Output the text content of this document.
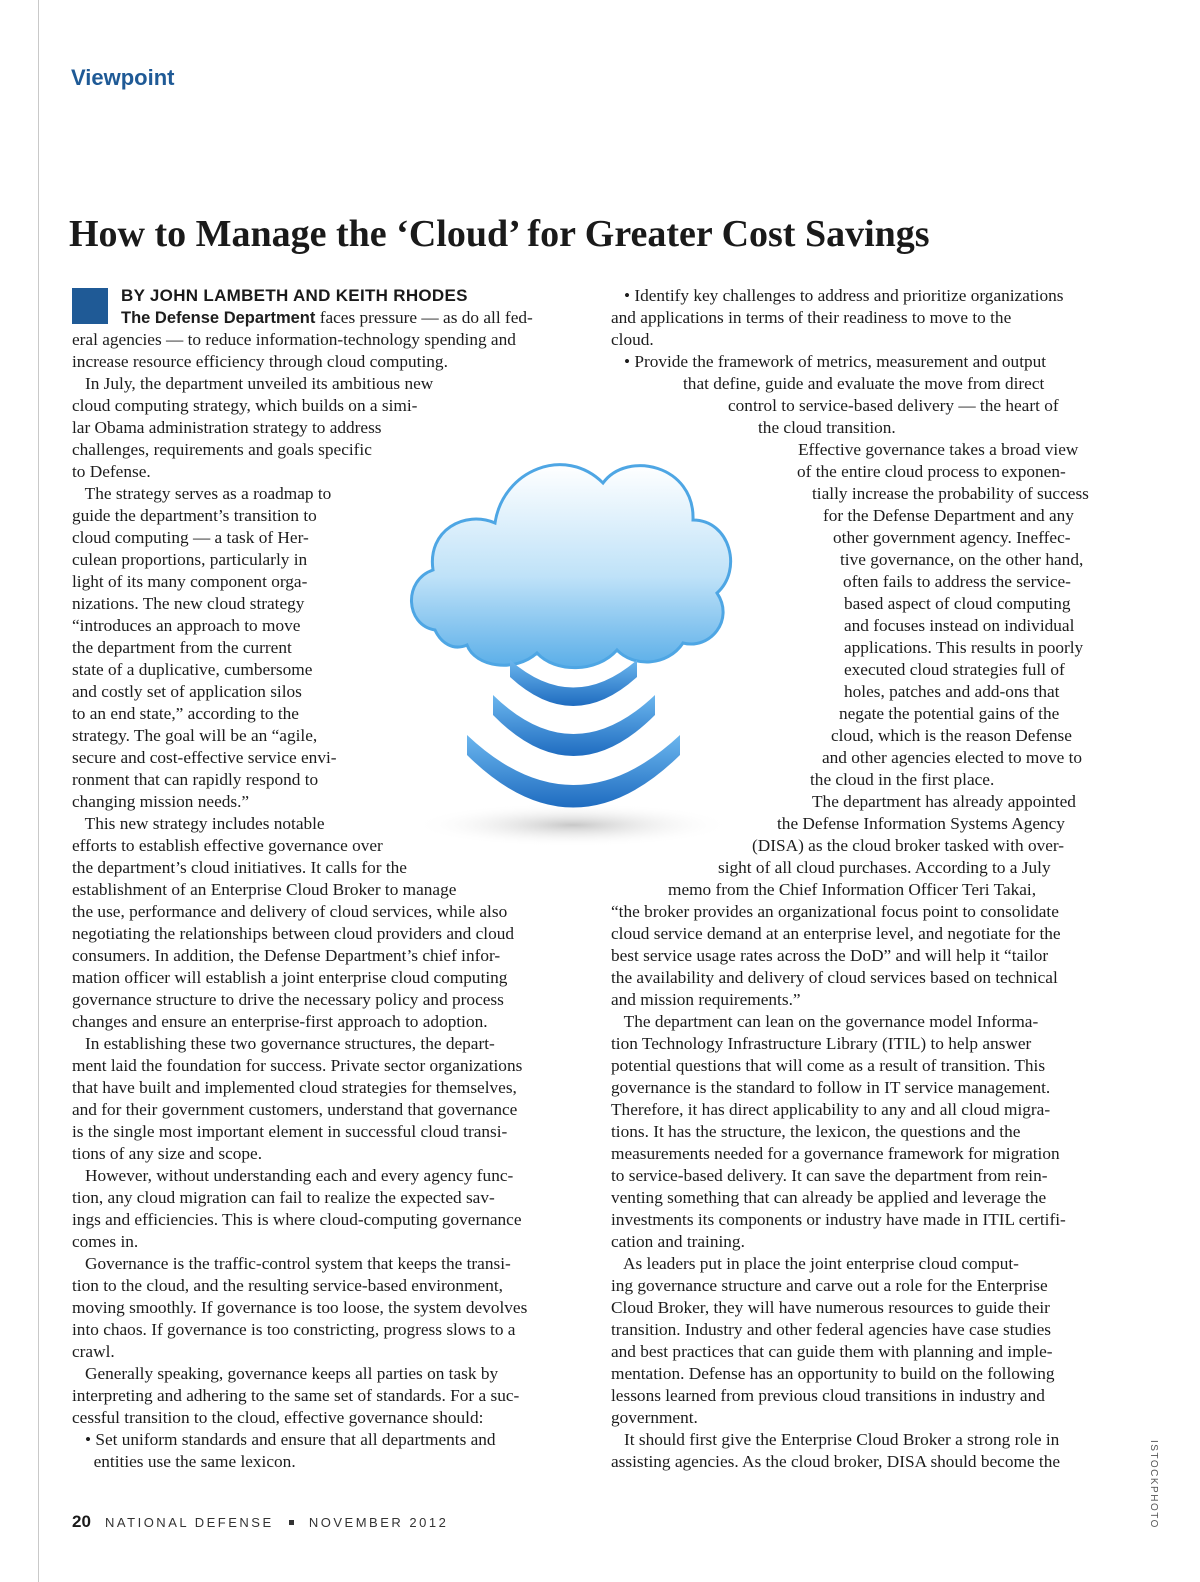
Viewpoint
How to Manage the ‘Cloud’ for Greater Cost Savings
BY JOHN LAMBETH AND KEITH RHODES
The Defense Department faces pressure — as do all fed-
eral agencies — to reduce information-technology spending and
increase resource efficiency through cloud computing.
In July, the department unveiled its ambitious new
cloud computing strategy, which builds on a simi-
lar Obama administration strategy to address
challenges, requirements and goals specific
to Defense.
The strategy serves as a roadmap to
guide the department’s transition to
cloud computing — a task of Her-
culean proportions, particularly in
light of its many component orga-
nizations. The new cloud strategy
“introduces an approach to move
the department from the current
state of a duplicative, cumbersome
and costly set of application silos
to an end state,” according to the
strategy. The goal will be an “agile,
secure and cost-effective service envi-
ronment that can rapidly respond to
changing mission needs.”
This new strategy includes notable
efforts to establish effective governance over
the department’s cloud initiatives. It calls for the
establishment of an Enterprise Cloud Broker to manage
the use, performance and delivery of cloud services, while also
negotiating the relationships between cloud providers and cloud
consumers. In addition, the Defense Department’s chief infor-
mation officer will establish a joint enterprise cloud computing
governance structure to drive the necessary policy and process
changes and ensure an enterprise-first approach to adoption.
In establishing these two governance structures, the depart-
ment laid the foundation for success. Private sector organizations
that have built and implemented cloud strategies for themselves,
and for their government customers, understand that governance
is the single most important element in successful cloud transi-
tions of any size and scope.
However, without understanding each and every agency func-
tion, any cloud migration can fail to realize the expected sav-
ings and efficiencies. This is where cloud-computing governance
comes in.
Governance is the traffic-control system that keeps the transi-
tion to the cloud, and the resulting service-based environment,
moving smoothly. If governance is too loose, the system devolves
into chaos. If governance is too constricting, progress slows to a
crawl.
Generally speaking, governance keeps all parties on task by
interpreting and adhering to the same set of standards. For a suc-
cessful transition to the cloud, effective governance should:
• Set uniform standards and ensure that all departments and
entities use the same lexicon.
• Identify key challenges to address and prioritize organizations
and applications in terms of their readiness to move to the
cloud.
• Provide the framework of metrics, measurement and output
that define, guide and evaluate the move from direct
control to service-based delivery — the heart of
the cloud transition.
Effective governance takes a broad view
of the entire cloud process to exponen-
tially increase the probability of success
for the Defense Department and any
other government agency. Ineffec-
tive governance, on the other hand,
often fails to address the service-
based aspect of cloud computing
and focuses instead on individual
applications. This results in poorly
executed cloud strategies full of
holes, patches and add-ons that
negate the potential gains of the
cloud, which is the reason Defense
and other agencies elected to move to
the cloud in the first place.
The department has already appointed
the Defense Information Systems Agency
(DISA) as the cloud broker tasked with over-
sight of all cloud purchases. According to a July
memo from the Chief Information Officer Teri Takai,
“the broker provides an organizational focus point to consolidate
cloud service demand at an enterprise level, and negotiate for the
best service usage rates across the DoD” and will help it “tailor
the availability and delivery of cloud services based on technical
and mission requirements.”
The department can lean on the governance model Informa-
tion Technology Infrastructure Library (ITIL) to help answer
potential questions that will come as a result of transition. This
governance is the standard to follow in IT service management.
Therefore, it has direct applicability to any and all cloud migra-
tions. It has the structure, the lexicon, the questions and the
measurements needed for a governance framework for migration
to service-based delivery. It can save the department from rein-
venting something that can already be applied and leverage the
investments its components or industry have made in ITIL certifi-
cation and training.
As leaders put in place the joint enterprise cloud comput-
ing governance structure and carve out a role for the Enterprise
Cloud Broker, they will have numerous resources to guide their
transition. Industry and other federal agencies have case studies
and best practices that can guide them with planning and imple-
mentation. Defense has an opportunity to build on the following
lessons learned from previous cloud transitions in industry and
government.
It should first give the Enterprise Cloud Broker a strong role in
assisting agencies. As the cloud broker, DISA should become the
20 NATIONAL DEFENSE	NOVEMBER 2012	ISTOCKPHOTO
